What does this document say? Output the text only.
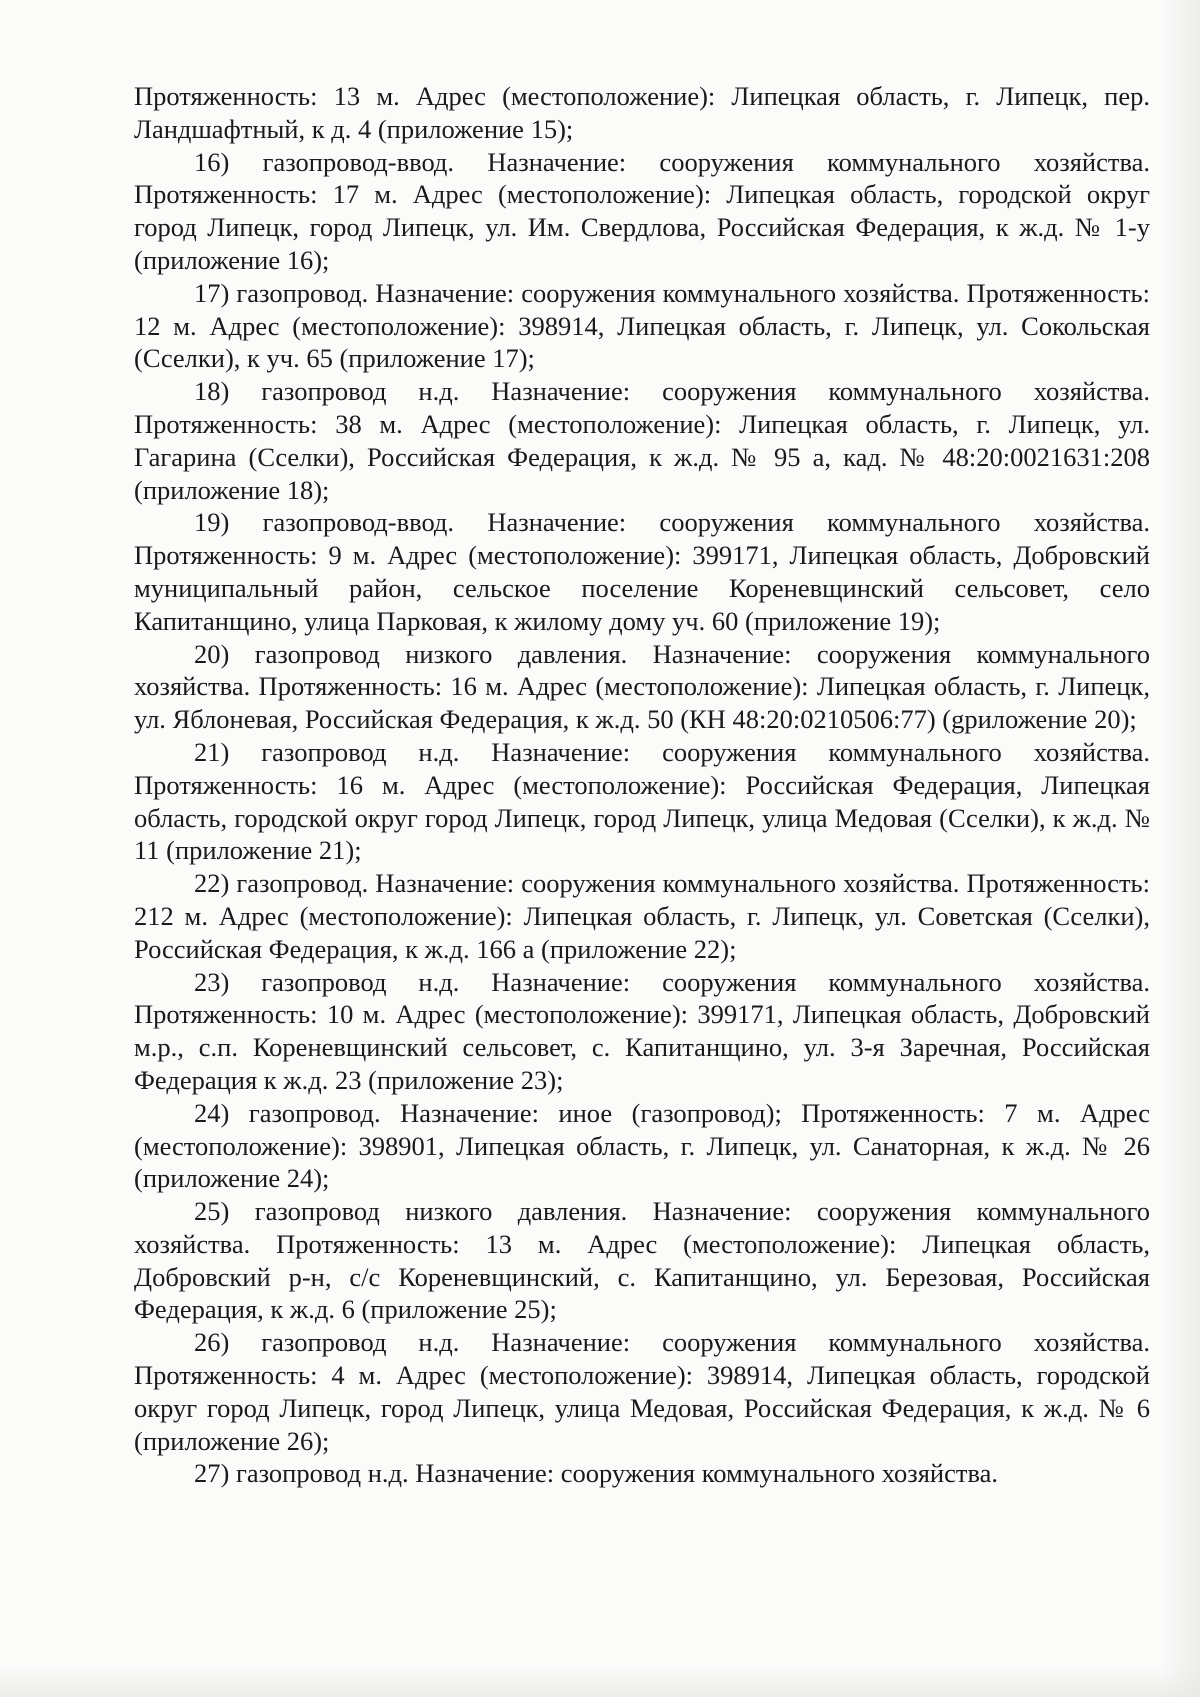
Протяженность: 13 м. Адрес (местоположение): Липецкая область, г. Липецк, пер. Ландшафтный, к д. 4 (приложение 15);

16) газопровод-ввод. Назначение: сооружения коммунального хозяйства. Протяженность: 17 м. Адрес (местоположение): Липецкая область, городской округ город Липецк, город Липецк, ул. Им. Свердлова, Российская Федерация, к ж.д. № 1-у (приложение 16);

17) газопровод. Назначение: сооружения коммунального хозяйства. Протяженность: 12 м. Адрес (местоположение): 398914, Липецкая область, г. Липецк, ул. Сокольская (Сселки), к уч. 65 (приложение 17);

18) газопровод н.д. Назначение: сооружения коммунального хозяйства. Протяженность: 38 м. Адрес (местоположение): Липецкая область, г. Липецк, ул. Гагарина (Сселки), Российская Федерация, к ж.д. № 95 а, кад. № 48:20:0021631:208 (приложение 18);

19) газопровод-ввод. Назначение: сооружения коммунального хозяйства. Протяженность: 9 м. Адрес (местоположение): 399171, Липецкая область, Добровский муниципальный район, сельское поселение Кореневщинский сельсовет, село Капитанщино, улица Парковая, к жилому дому уч. 60 (приложение 19);

20) газопровод низкого давления. Назначение: сооружения коммунального хозяйства. Протяженность: 16 м. Адрес (местоположение): Липецкая область, г. Липецк, ул. Яблоневая, Российская Федерация, к ж.д. 50 (КН 48:20:0210506:77) (gриложение 20);

21) газопровод н.д. Назначение: сооружения коммунального хозяйства. Протяженность: 16 м. Адрес (местоположение): Российская Федерация, Липецкая область, городской округ город Липецк, город Липецк, улица Медовая (Сселки), к ж.д. № 11 (приложение 21);

22) газопровод. Назначение: сооружения коммунального хозяйства. Протяженность: 212 м. Адрес (местоположение): Липецкая область, г. Липецк, ул. Советская (Сселки), Российская Федерация, к ж.д. 166 а (приложение 22);

23) газопровод н.д. Назначение: сооружения коммунального хозяйства. Протяженность: 10 м. Адрес (местоположение): 399171, Липецкая область, Добровский м.р., с.п. Кореневщинский сельсовет, с. Капитанщино, ул. 3-я Заречная, Российская Федерация к ж.д. 23 (приложение 23);

24) газопровод. Назначение: иное (газопровод); Протяженность: 7 м. Адрес (местоположение): 398901, Липецкая область, г. Липецк, ул. Санаторная, к ж.д. № 26 (приложение 24);

25) газопровод низкого давления. Назначение: сооружения коммунального хозяйства. Протяженность: 13 м. Адрес (местоположение): Липецкая область, Добровский р-н, с/с Кореневщинский, с. Капитанщино, ул. Березовая, Российская Федерация, к ж.д. 6 (приложение 25);

26) газопровод н.д. Назначение: сооружения коммунального хозяйства. Протяженность: 4 м. Адрес (местоположение): 398914, Липецкая область, городской округ город Липецк, город Липецк, улица Медовая, Российская Федерация, к ж.д. № 6 (приложение 26);

27) газопровод н.д. Назначение: сооружения коммунального хозяйства.
